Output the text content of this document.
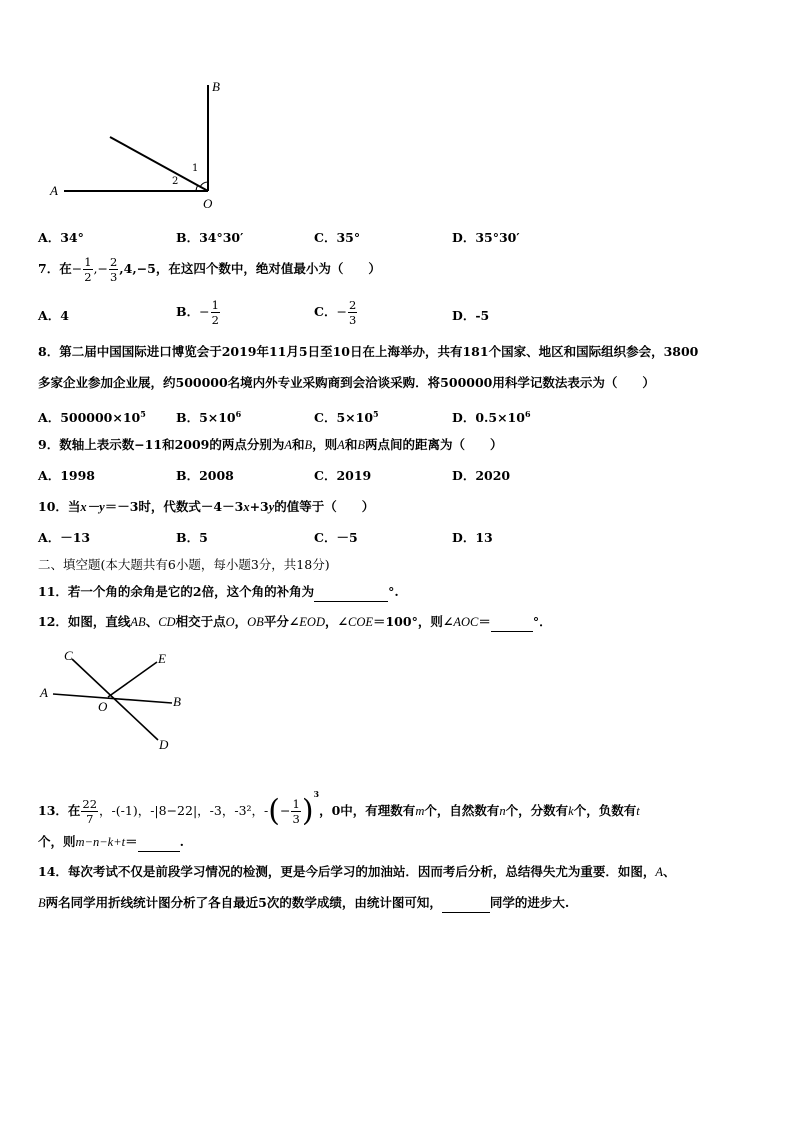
B
A
O
1
2
A．34°	B．34°30′	C．35°	D．35°30′
7．在− $\frac{1}{2}$ ,− $\frac{2}{3} ,4,-5$，在这四个数中，绝对值最小为（　　）
A．4	B．− $\frac{1}{2}$	C．− $\frac{2}{3}$	D．-5
8．第二届中国国际进口博览会于2019年11月5日至10日在上海举办，共有181个国家、地区和国际组织参会，3800
多家企业参加企业展，约500000名境内外专业采购商到会洽谈采购．将500000用科学记数法表示为（　　）
A．$500000\times 10^5$ B．$5\times 10^6$	C．$5\times 10^5$	D．$0.5\times 10^6$
9．数轴上表示数−11和2009的两点分别为A和B，则A和B两点间的距离为（　　）
A．1998	B．2008	C．2019	D．2020
10．当x－y＝－3时，代数式－4－3x+3y的值等于（　　）
A．－13	B．5	C．－5	D．13
二、填空题(本大题共有6小题，每小题3分，共18分)
11．若一个角的余角是它的2倍，这个角的补角为	°.
12．如图，直线AB、CD相交于点O，OB平分∠EOD，∠COE＝100°，则∠AOC＝	°．
C	E
A
O	B
D
13．在 $\frac{22}{7}$ ，-(-1)，-|8−22|，-3，-3²，-(− $\frac{1}{3} )^3$，0中，有理数有m个，自然数有n个，分数有k个，负数有t
个，则m−n−k+t＝	.
14．每次考试不仅是前段学习情况的检测，更是今后学习的加油站．因而考后分析，总结得失尤为重要．如图，A、
B两名同学用折线统计图分析了各自最近5次的数学成绩，由统计图可知，	同学的进步大.
